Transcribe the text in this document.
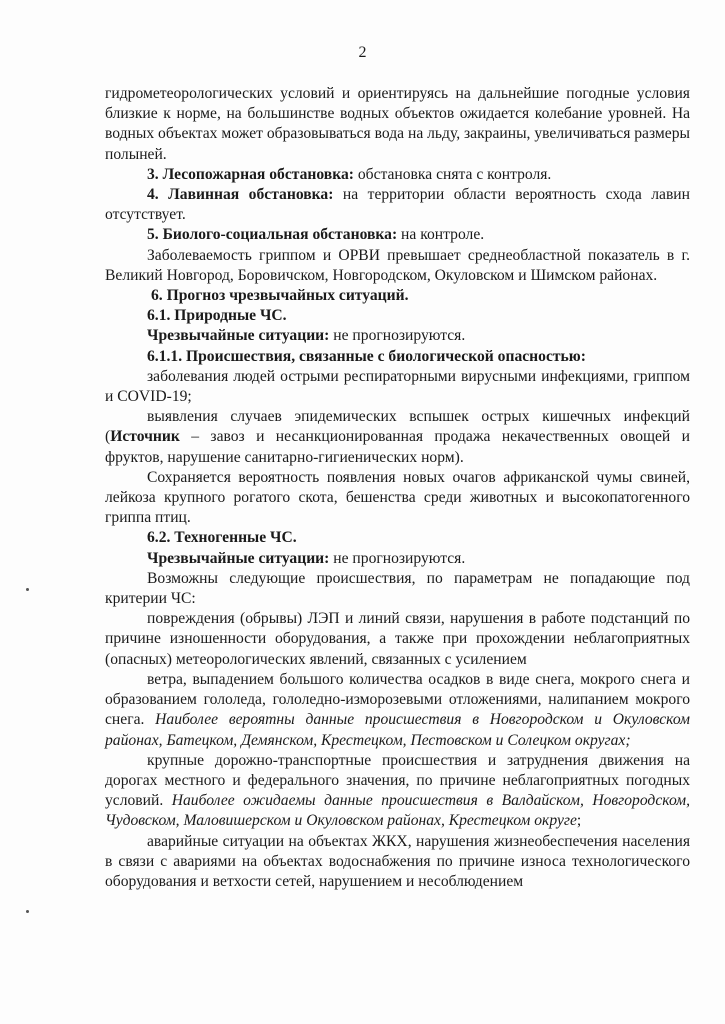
2

гидрометеорологических условий и ориентируясь на дальнейшие погодные условия близкие к норме, на большинстве водных объектов ожидается колебание уровней. На водных объектах может образовываться вода на льду, закраины, увеличиваться размеры полыней.

3. Лесопожарная обстановка: обстановка снята с контроля.

4. Лавинная обстановка: на территории области вероятность схода лавин отсутствует.

5. Биолого-социальная обстановка: на контроле.

Заболеваемость гриппом и ОРВИ превышает среднеобластной показатель в г. Великий Новгород, Боровичском, Новгородском, Окуловском и Шимском районах.

6. Прогноз чрезвычайных ситуаций.

6.1. Природные ЧС.

Чрезвычайные ситуации: не прогнозируются.

6.1.1. Происшествия, связанные с биологической опасностью:

заболевания людей острыми респираторными вирусными инфекциями, гриппом и COVID-19;

выявления случаев эпидемических вспышек острых кишечных инфекций (Источник – завоз и несанкционированная продажа некачественных овощей и фруктов, нарушение санитарно-гигиенических норм).

Сохраняется вероятность появления новых очагов африканской чумы свиней, лейкоза крупного рогатого скота, бешенства среди животных и высокопатогенного гриппа птиц.

6.2. Техногенные ЧС.

Чрезвычайные ситуации: не прогнозируются.

Возможны следующие происшествия, по параметрам не попадающие под критерии ЧС:

повреждения (обрывы) ЛЭП и линий связи, нарушения в работе подстанций по причине изношенности оборудования, а также при прохождении неблагоприятных (опасных) метеорологических явлений, связанных с усилением

ветра, выпадением большого количества осадков в виде снега, мокрого снега и образованием гололеда, гололедно-изморозевыми отложениями, налипанием мокрого снега. Наиболее вероятны данные происшествия в Новгородском и Окуловском районах, Батецком, Демянском, Крестецком, Пестовском и Солецком округах;

крупные дорожно-транспортные происшествия и затруднения движения на дорогах местного и федерального значения, по причине неблагоприятных погодных условий. Наиболее ожидаемы данные происшествия в Валдайском, Новгородском, Чудовском, Маловишерском и Окуловском районах, Крестецком округе;

аварийные ситуации на объектах ЖКХ, нарушения жизнеобеспечения населения в связи с авариями на объектах водоснабжения по причине износа технологического оборудования и ветхости сетей, нарушением и несоблюдением
